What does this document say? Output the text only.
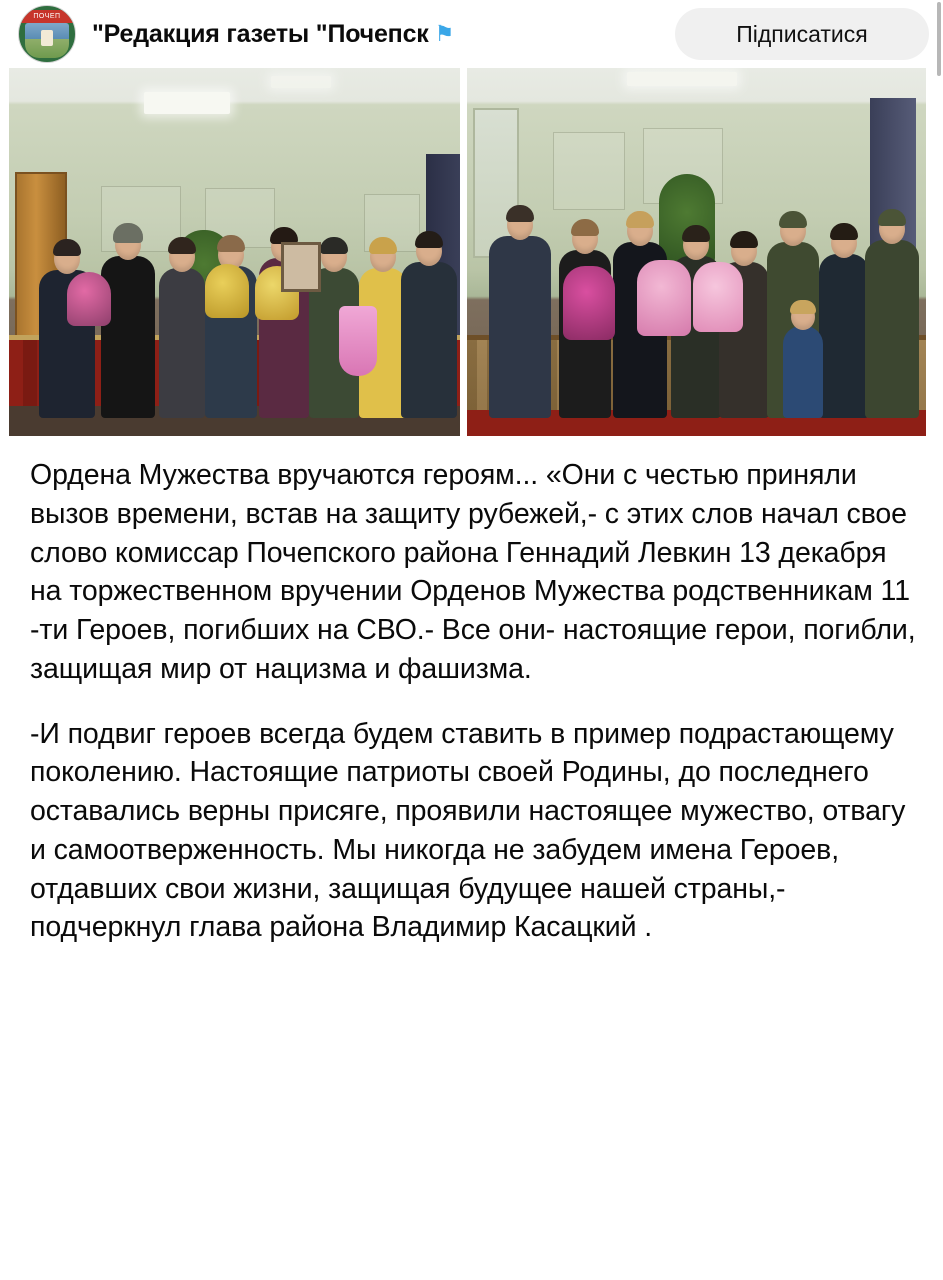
ПОЧЕП
"Редакция газеты "Почепск ⚑	Підписатися

Ордена Мужества вручаются героям... «Они с честью приняли вызов времени, встав на защиту рубежей,- с этих слов начал свое слово комиссар Почепского района Геннадий Левкин 13 декабря на торжественном вручении Орденов Мужества родственникам 11 -ти Героев, погибших на СВО.- Все они- настоящие герои, погибли, защищая мир от нацизма и фашизма.

-И подвиг героев всегда будем ставить в пример подрастающему поколению. Настоящие патриоты своей Родины, до последнего оставались верны присяге, проявили настоящее мужество, отвагу и самоотверженность. Мы никогда не забудем имена Героев, отдавших свои жизни, защищая будущее нашей страны,- подчеркнул глава района Владимир Касацкий .
